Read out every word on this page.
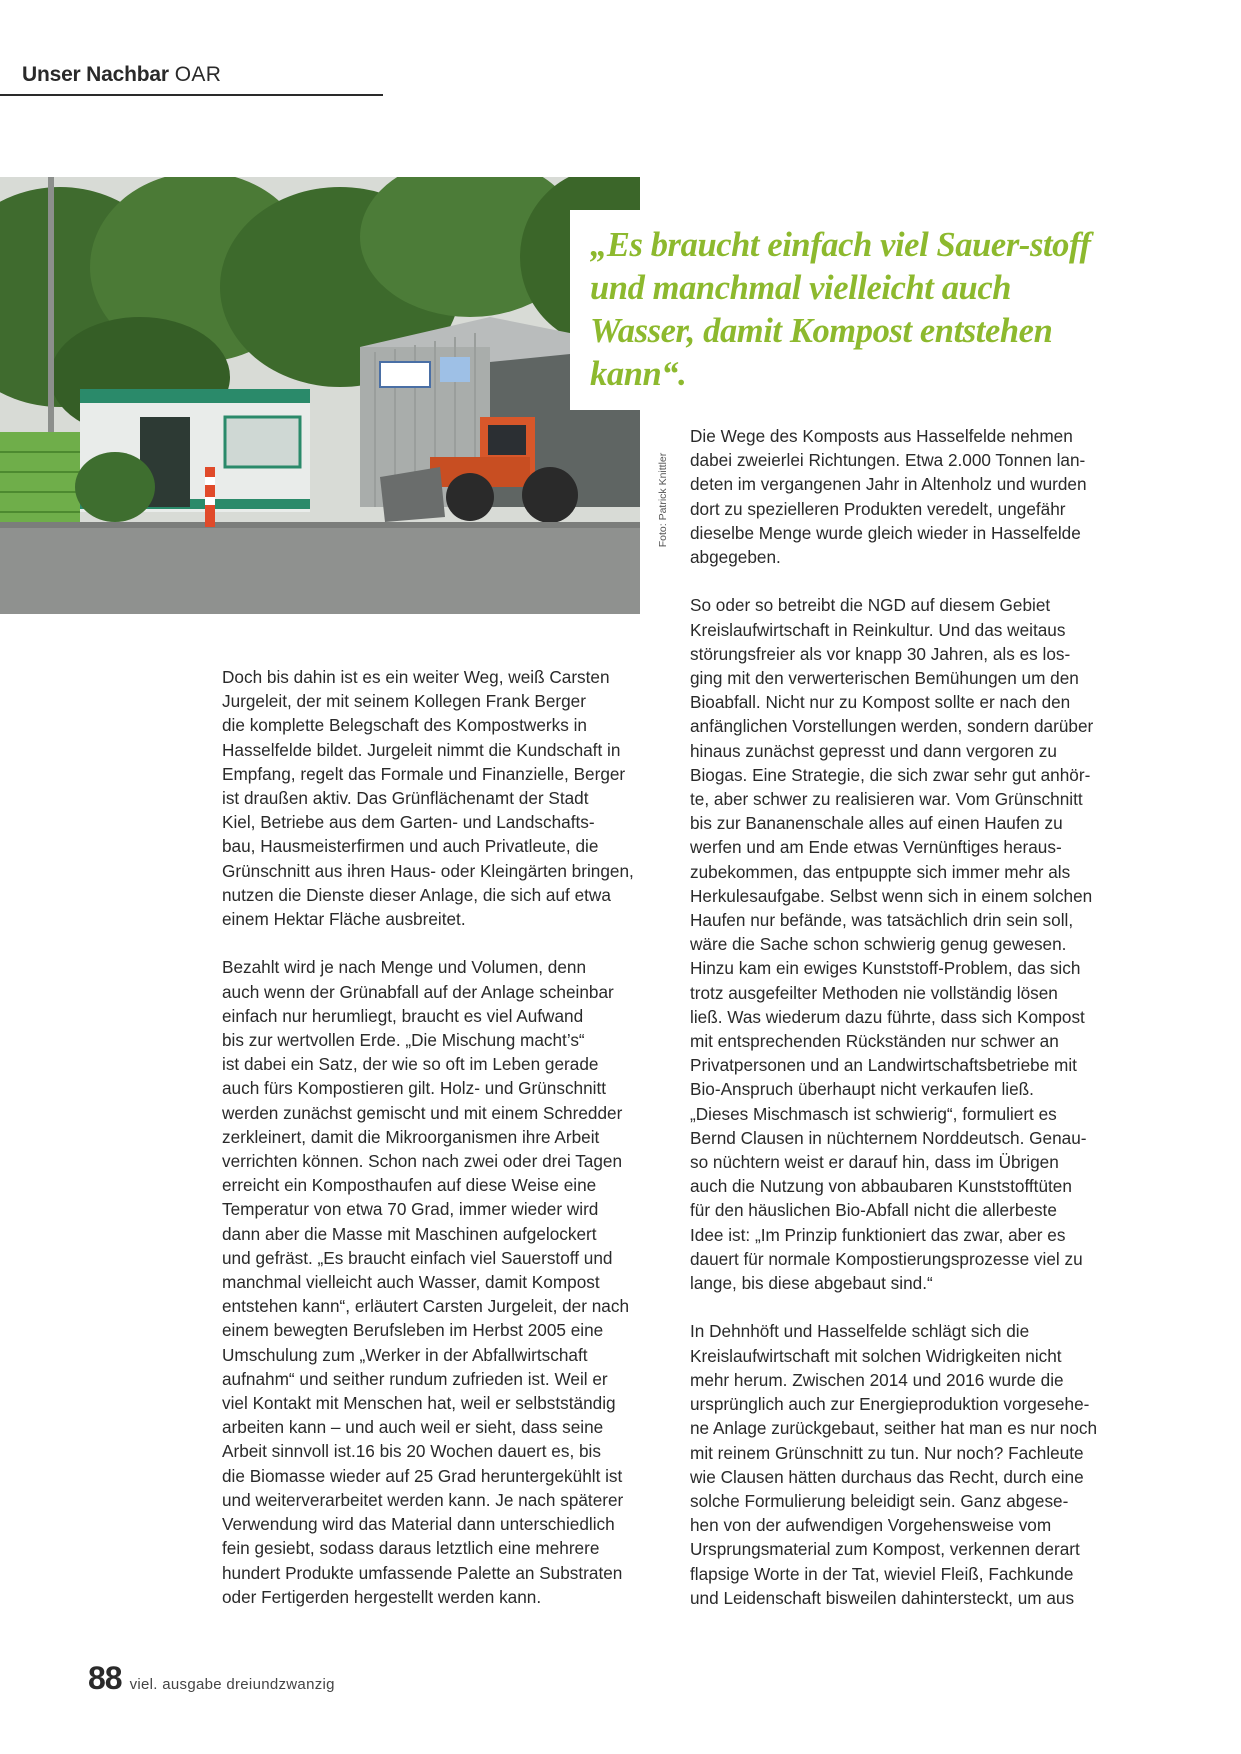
Unser Nachbar OAR
Foto: Patrick Knittler

„Es braucht einfach viel Sauer-stoff und manchmal vielleicht auch Wasser, damit Kompost entstehen kann“.

Doch bis dahin ist es ein weiter Weg, weiß Carsten
Jurgeleit, der mit seinem Kollegen Frank Berger
die komplette Belegschaft des Kompostwerks in
Hasselfelde bildet. Jurgeleit nimmt die Kundschaft in
Empfang, regelt das Formale und Finanzielle, Berger
ist draußen aktiv. Das Grünflächenamt der Stadt
Kiel, Betriebe aus dem Garten- und Landschafts-
bau, Hausmeisterfirmen und auch Privatleute, die
Grünschnitt aus ihren Haus- oder Kleingärten bringen,
nutzen die Dienste dieser Anlage, die sich auf etwa
einem Hektar Fläche ausbreitet.

Bezahlt wird je nach Menge und Volumen, denn
auch wenn der Grünabfall auf der Anlage scheinbar
einfach nur herumliegt, braucht es viel Aufwand
bis zur wertvollen Erde. „Die Mischung macht’s“
ist dabei ein Satz, der wie so oft im Leben gerade
auch fürs Kompostieren gilt. Holz- und Grünschnitt
werden zunächst gemischt und mit einem Schredder
zerkleinert, damit die Mikroorganismen ihre Arbeit
verrichten können. Schon nach zwei oder drei Tagen
erreicht ein Komposthaufen auf diese Weise eine
Temperatur von etwa 70 Grad, immer wieder wird
dann aber die Masse mit Maschinen aufgelockert
und gefräst. „Es braucht einfach viel Sauerstoff und
manchmal vielleicht auch Wasser, damit Kompost
entstehen kann“, erläutert Carsten Jurgeleit, der nach
einem bewegten Berufsleben im Herbst 2005 eine
Umschulung zum „Werker in der Abfallwirtschaft
aufnahm“ und seither rundum zufrieden ist. Weil er
viel Kontakt mit Menschen hat, weil er selbstständig
arbeiten kann – und auch weil er sieht, dass seine
Arbeit sinnvoll ist.16 bis 20 Wochen dauert es, bis
die Biomasse wieder auf 25 Grad heruntergekühlt ist
und weiterverarbeitet werden kann. Je nach späterer
Verwendung wird das Material dann unterschiedlich
fein gesiebt, sodass daraus letztlich eine mehrere
hundert Produkte umfassende Palette an Substraten
oder Fertigerden hergestellt werden kann.

Die Wege des Komposts aus Hasselfelde nehmen
dabei zweierlei Richtungen. Etwa 2.000 Tonnen lan-
deten im vergangenen Jahr in Altenholz und wurden
dort zu spezielleren Produkten veredelt, ungefähr
dieselbe Menge wurde gleich wieder in Hasselfelde
abgegeben.

So oder so betreibt die NGD auf diesem Gebiet
Kreislaufwirtschaft in Reinkultur. Und das weitaus
störungsfreier als vor knapp 30 Jahren, als es los-
ging mit den verwerterischen Bemühungen um den
Bioabfall. Nicht nur zu Kompost sollte er nach den
anfänglichen Vorstellungen werden, sondern darüber
hinaus zunächst gepresst und dann vergoren zu
Biogas. Eine Strategie, die sich zwar sehr gut anhör-
te, aber schwer zu realisieren war. Vom Grünschnitt
bis zur Bananenschale alles auf einen Haufen zu
werfen und am Ende etwas Vernünftiges heraus-
zubekommen, das entpuppte sich immer mehr als
Herkulesaufgabe. Selbst wenn sich in einem solchen
Haufen nur befände, was tatsächlich drin sein soll,
wäre die Sache schon schwierig genug gewesen.
Hinzu kam ein ewiges Kunststoff-Problem, das sich
trotz ausgefeilter Methoden nie vollständig lösen
ließ. Was wiederum dazu führte, dass sich Kompost
mit entsprechenden Rückständen nur schwer an
Privatpersonen und an Landwirtschaftsbetriebe mit
Bio-Anspruch überhaupt nicht verkaufen ließ.
„Dieses Mischmasch ist schwierig“, formuliert es
Bernd Clausen in nüchternem Norddeutsch. Genau-
so nüchtern weist er darauf hin, dass im Übrigen
auch die Nutzung von abbaubaren Kunststofftüten
für den häuslichen Bio-Abfall nicht die allerbeste
Idee ist: „Im Prinzip funktioniert das zwar, aber es
dauert für normale Kompostierungsprozesse viel zu
lange, bis diese abgebaut sind.“

In Dehnhöft und Hasselfelde schlägt sich die
Kreislaufwirtschaft mit solchen Widrigkeiten nicht
mehr herum. Zwischen 2014 und 2016 wurde die
ursprünglich auch zur Energieproduktion vorgesehe-
ne Anlage zurückgebaut, seither hat man es nur noch
mit reinem Grünschnitt zu tun. Nur noch? Fachleute
wie Clausen hätten durchaus das Recht, durch eine
solche Formulierung beleidigt sein. Ganz abgese-
hen von der aufwendigen Vorgehensweise vom
Ursprungsmaterial zum Kompost, verkennen derart
flapsige Worte in der Tat, wieviel Fleiß, Fachkunde
und Leidenschaft bisweilen dahintersteckt, um aus

88 viel. ausgabe dreiundzwanzig
